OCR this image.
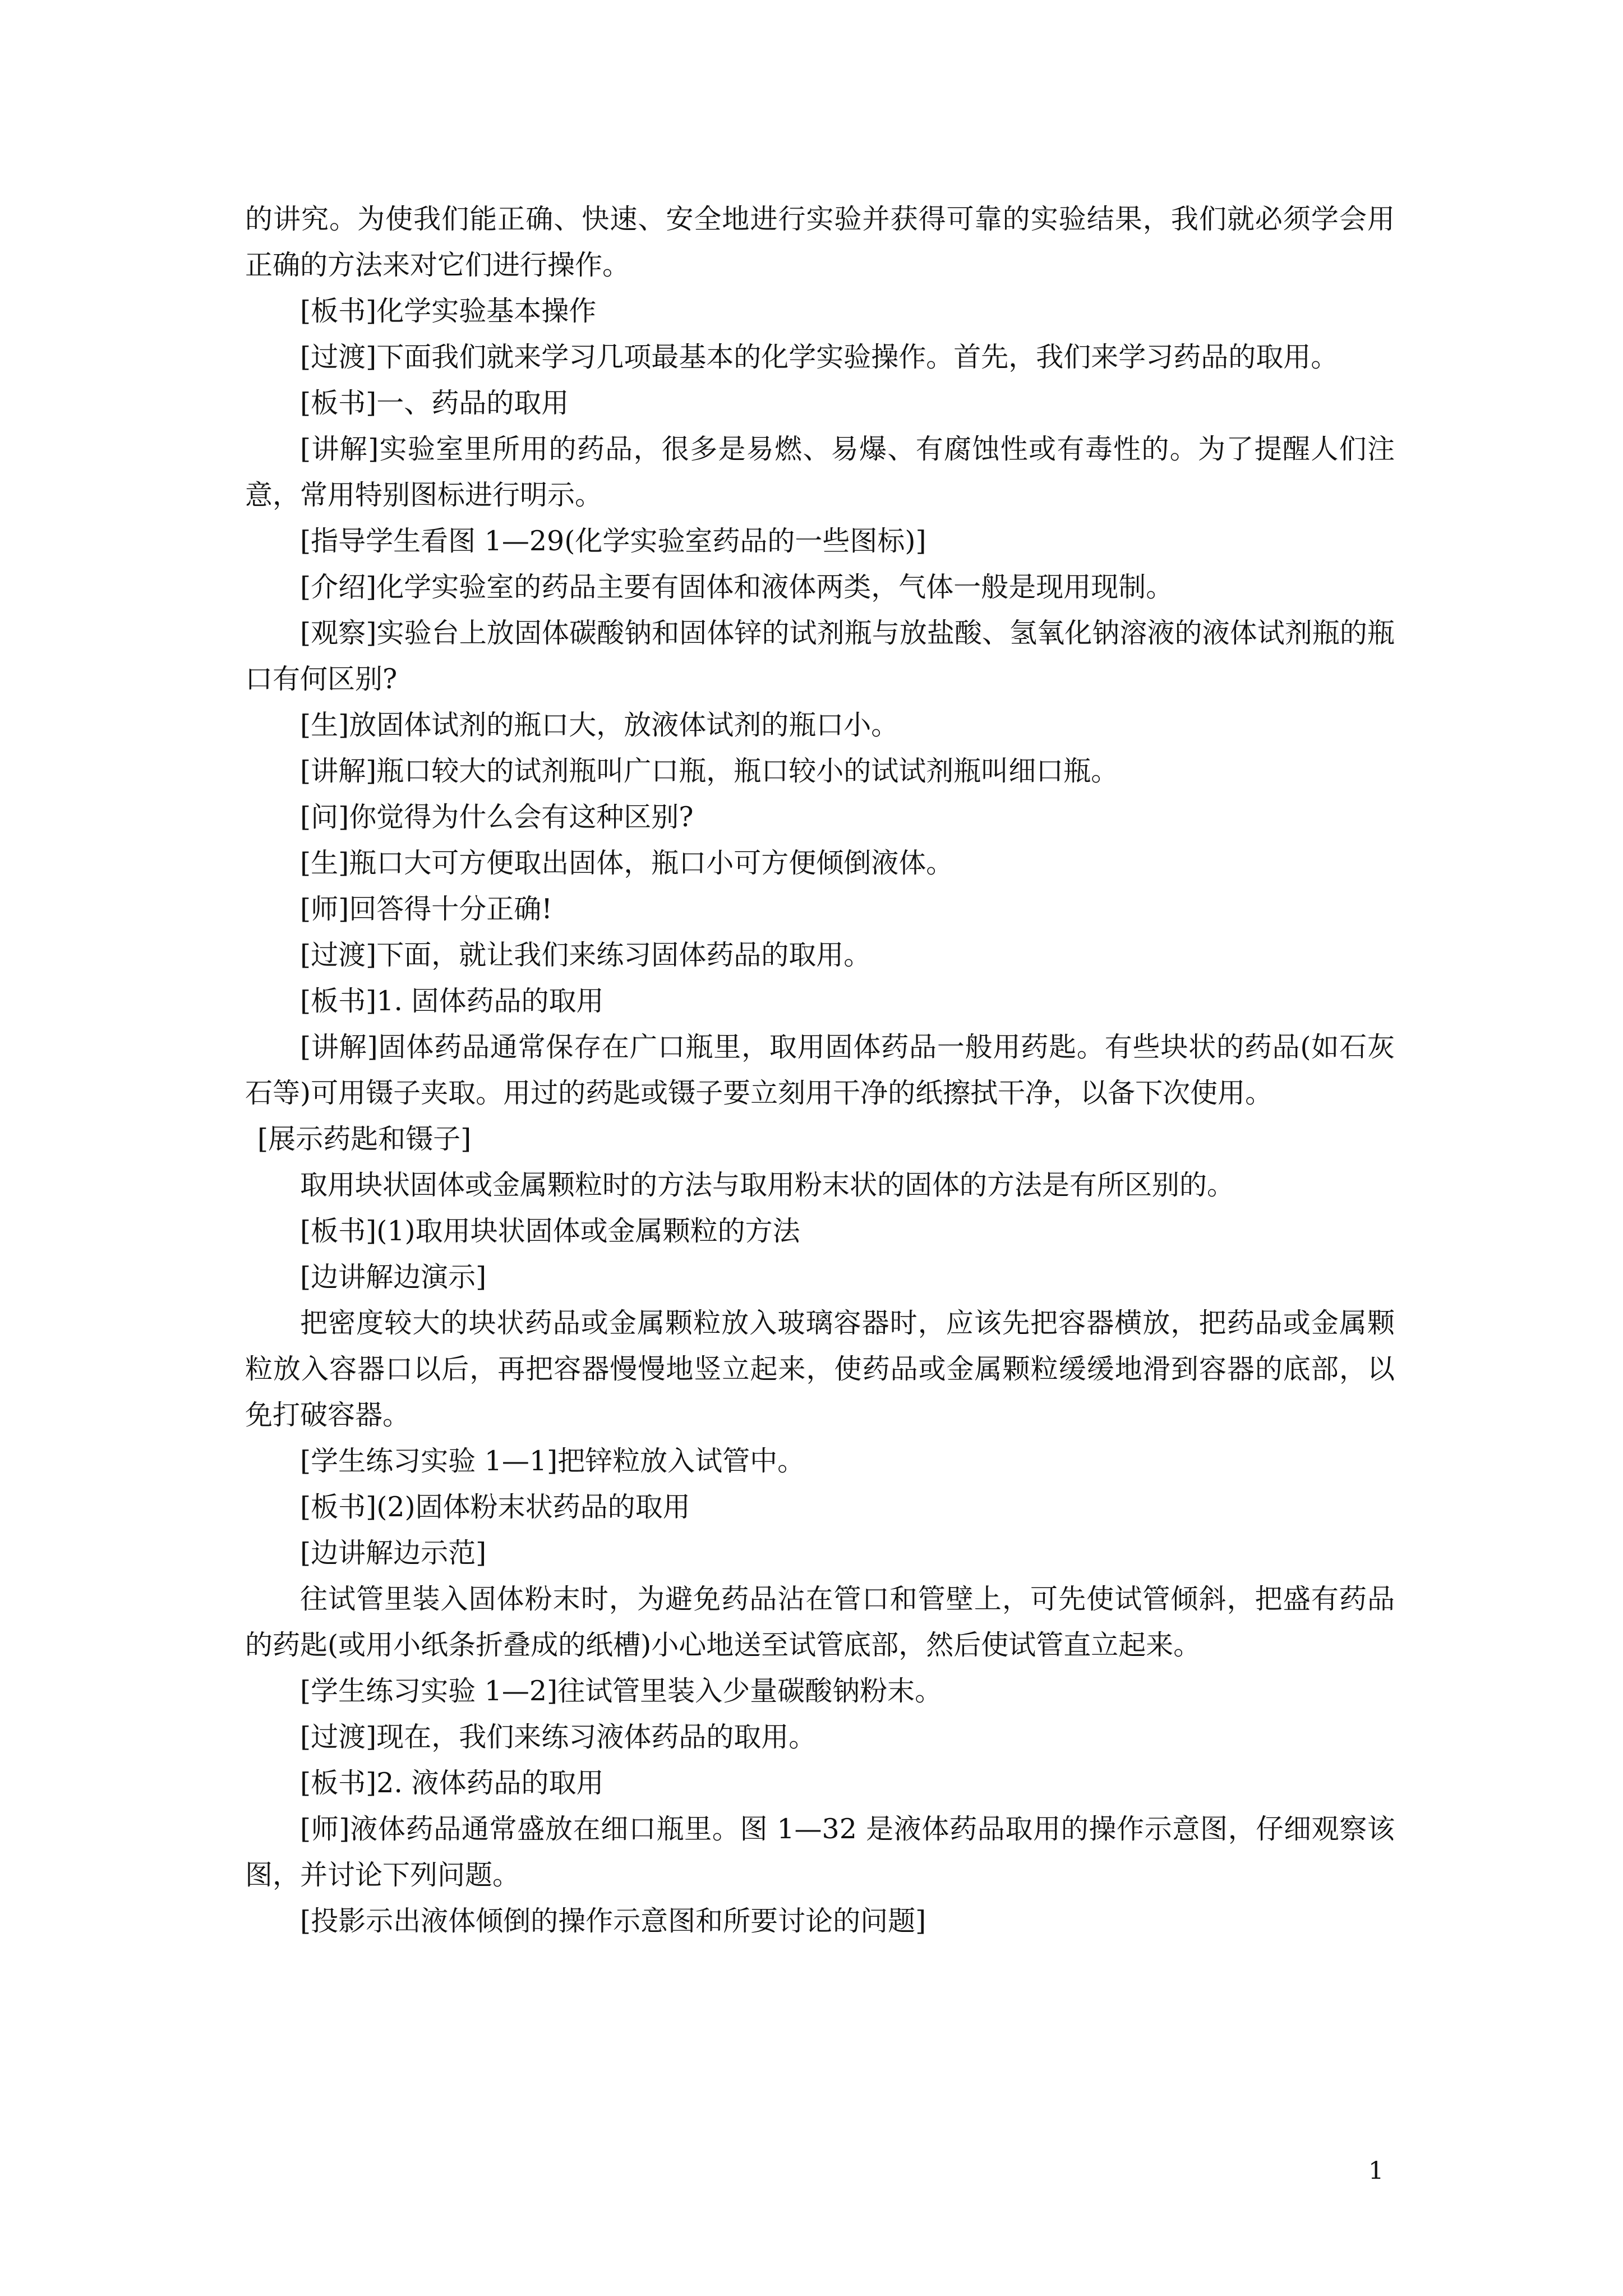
的讲究。为使我们能正确、快速、安全地进行实验并获得可靠的实验结果，我们就必须学会用正确的方法来对它们进行操作。

[板书]化学实验基本操作

[过渡]下面我们就来学习几项最基本的化学实验操作。首先，我们来学习药品的取用。

[板书]一、药品的取用

[讲解]实验室里所用的药品，很多是易燃、易爆、有腐蚀性或有毒性的。为了提醒人们注意，常用特别图标进行明示。

[指导学生看图 1—29(化学实验室药品的一些图标)]

[介绍]化学实验室的药品主要有固体和液体两类，气体一般是现用现制。

[观察]实验台上放固体碳酸钠和固体锌的试剂瓶与放盐酸、氢氧化钠溶液的液体试剂瓶的瓶口有何区别?

[生]放固体试剂的瓶口大，放液体试剂的瓶口小。

[讲解]瓶口较大的试剂瓶叫广口瓶，瓶口较小的试试剂瓶叫细口瓶。

[问]你觉得为什么会有这种区别?

[生]瓶口大可方便取出固体，瓶口小可方便倾倒液体。

[师]回答得十分正确!

[过渡]下面，就让我们来练习固体药品的取用。

[板书]1. 固体药品的取用

[讲解]固体药品通常保存在广口瓶里，取用固体药品一般用药匙。有些块状的药品(如石灰石等)可用镊子夹取。用过的药匙或镊子要立刻用干净的纸擦拭干净，以备下次使用。

[展示药匙和镊子]

取用块状固体或金属颗粒时的方法与取用粉末状的固体的方法是有所区别的。

[板书](1)取用块状固体或金属颗粒的方法

[边讲解边演示]

把密度较大的块状药品或金属颗粒放入玻璃容器时，应该先把容器横放，把药品或金属颗粒放入容器口以后，再把容器慢慢地竖立起来，使药品或金属颗粒缓缓地滑到容器的底部，以免打破容器。

[学生练习实验 1—1]把锌粒放入试管中。

[板书](2)固体粉末状药品的取用

[边讲解边示范]

往试管里装入固体粉末时，为避免药品沾在管口和管壁上，可先使试管倾斜，把盛有药品的药匙(或用小纸条折叠成的纸槽)小心地送至试管底部，然后使试管直立起来。

[学生练习实验 1—2]往试管里装入少量碳酸钠粉末。

[过渡]现在，我们来练习液体药品的取用。

[板书]2. 液体药品的取用

[师]液体药品通常盛放在细口瓶里。图 1—32 是液体药品取用的操作示意图，仔细观察该图，并讨论下列问题。

[投影示出液体倾倒的操作示意图和所要讨论的问题]

1
